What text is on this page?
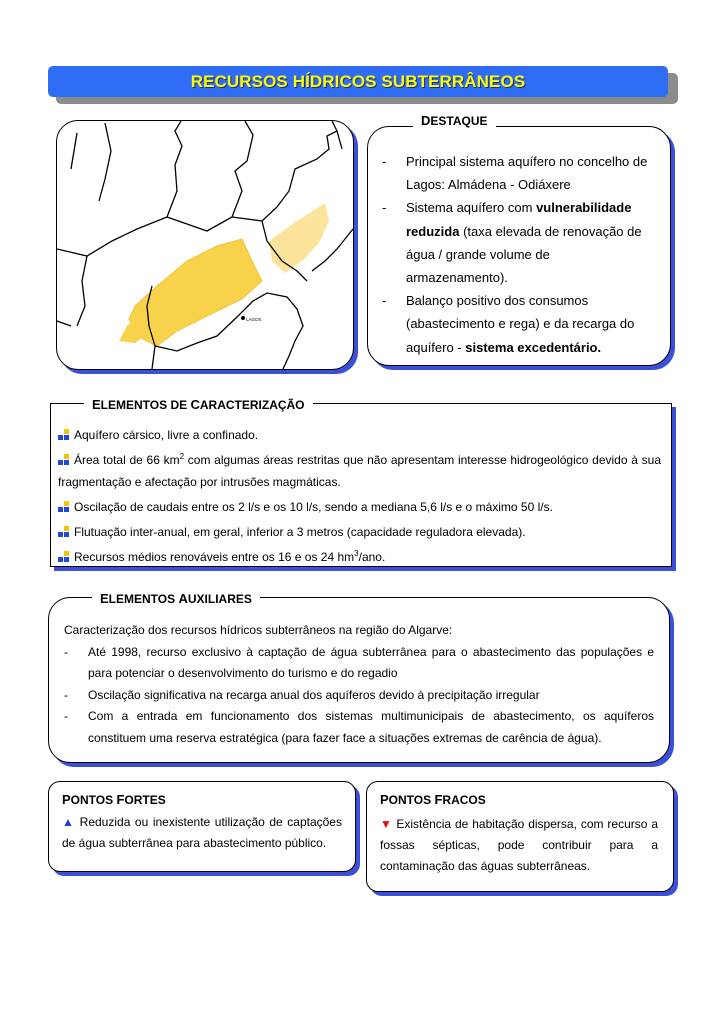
RECURSOS HÍDRICOS SUBTERRÂNEOS
LAGOS
DESTAQUE
-	Principal sistema aquífero no concelho de Lagos: Almádena - Odiáxere
-	Sistema aquífero com vulnerabilidade reduzida (taxa elevada de renovação de água / grande volume de armazenamento).
-	Balanço positivo dos consumos (abastecimento e rega) e da recarga do aquífero - sistema excedentário.
ELEMENTOS DE CARACTERIZAÇÃO
Aquífero cársico, livre a confinado.
Área total de 66 $km^2$ com algumas áreas restritas que não apresentam interesse hidrogeológico devido à sua fragmentação e afectação por intrusões magmáticas.
Oscilação de caudais entre os 2 l/s e os 10 l/s, sendo a mediana 5,6 l/s e o máximo 50 l/s.
Flutuação inter-anual, em geral, inferior a 3 metros (capacidade reguladora elevada).
Recursos médios renováveis entre os 16 e os 24 $hm^3$/ano.
ELEMENTOS AUXILIARES
Caracterização dos recursos hídricos subterrâneos na região do Algarve:
-	Até 1998, recurso exclusivo à captação de água subterrânea para o abastecimento das populações e para potenciar o desenvolvimento do turismo e do regadio
-	Oscilação significativa na recarga anual dos aquíferos devido à precipitação irregular
-	Com a entrada em funcionamento dos sistemas multimunicipais de abastecimento, os aquíferos constituem uma reserva estratégica (para fazer face a situações extremas de carência de água).
PONTOS FORTES
▲ Reduzida ou inexistente utilização de captações de água subterrânea para abastecimento público.
PONTOS FRACOS
▼ Existência de habitação dispersa, com recurso a fossas sépticas, pode contribuir para a contaminação das águas subterrâneas.
